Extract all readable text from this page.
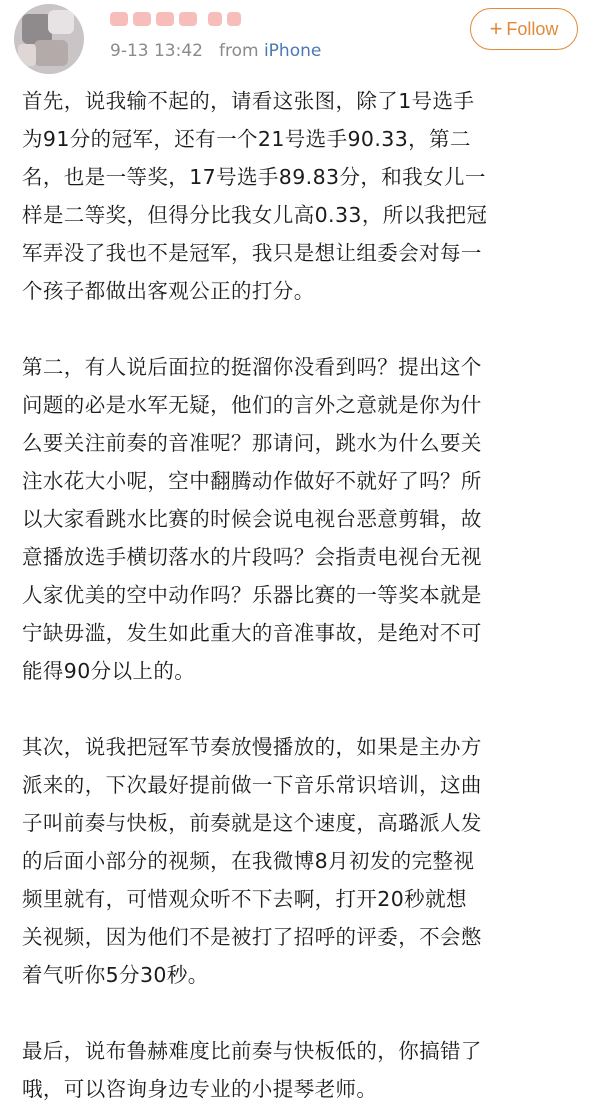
9-13 13:42 from iPhone
+ Follow

首先，说我输不起的，请看这张图，除了1号选手
为91分的冠军，还有一个21号选手90.33，第二
名，也是一等奖，17号选手89.83分，和我女儿一
样是二等奖，但得分比我女儿高0.33，所以我把冠
军弄没了我也不是冠军，我只是想让组委会对每一
个孩子都做出客观公正的打分。

第二，有人说后面拉的挺溜你没看到吗？提出这个
问题的必是水军无疑，他们的言外之意就是你为什
么要关注前奏的音准呢？那请问，跳水为什么要关
注水花大小呢，空中翻腾动作做好不就好了吗？所
以大家看跳水比赛的时候会说电视台恶意剪辑，故
意播放选手横切落水的片段吗？会指责电视台无视
人家优美的空中动作吗？乐器比赛的一等奖本就是
宁缺毋滥，发生如此重大的音准事故，是绝对不可
能得90分以上的。

其次，说我把冠军节奏放慢播放的，如果是主办方
派来的，下次最好提前做一下音乐常识培训，这曲
子叫前奏与快板，前奏就是这个速度，高璐派人发
的后面小部分的视频，在我微博8月初发的完整视
频里就有，可惜观众听不下去啊，打开20秒就想
关视频，因为他们不是被打了招呼的评委，不会憋
着气听你5分30秒。

最后，说布鲁赫难度比前奏与快板低的，你搞错了
哦，可以咨询身边专业的小提琴老师。
